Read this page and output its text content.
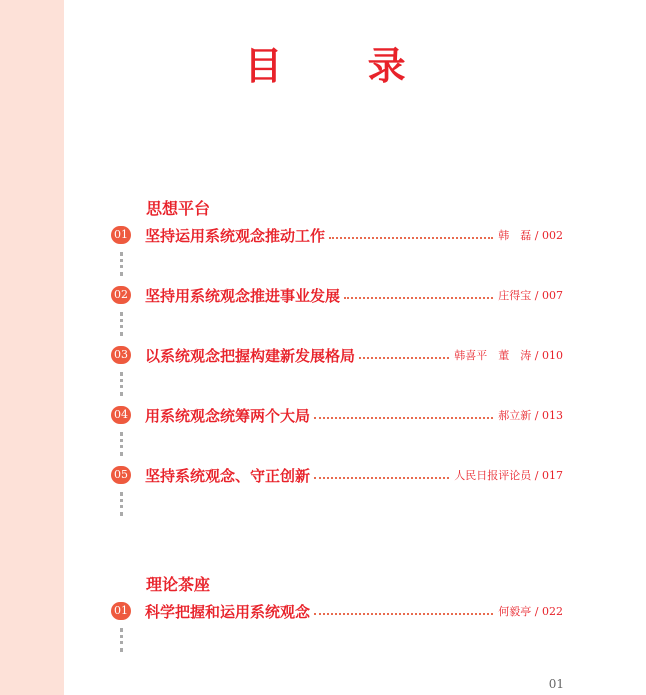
目 录
思想平台
01 坚持运用系统观念推动工作	韩　磊 / 002
02 坚持用系统观念推进事业发展	庄得宝 / 007
03 以系统观念把握构建新发展格局	韩喜平　董　涛 / 010
04 用系统观念统筹两个大局	郝立新 / 013
05 坚持系统观念、守正创新	人民日报评论员 / 017
理论茶座
01 科学把握和运用系统观念	何毅亭 / 022
01
